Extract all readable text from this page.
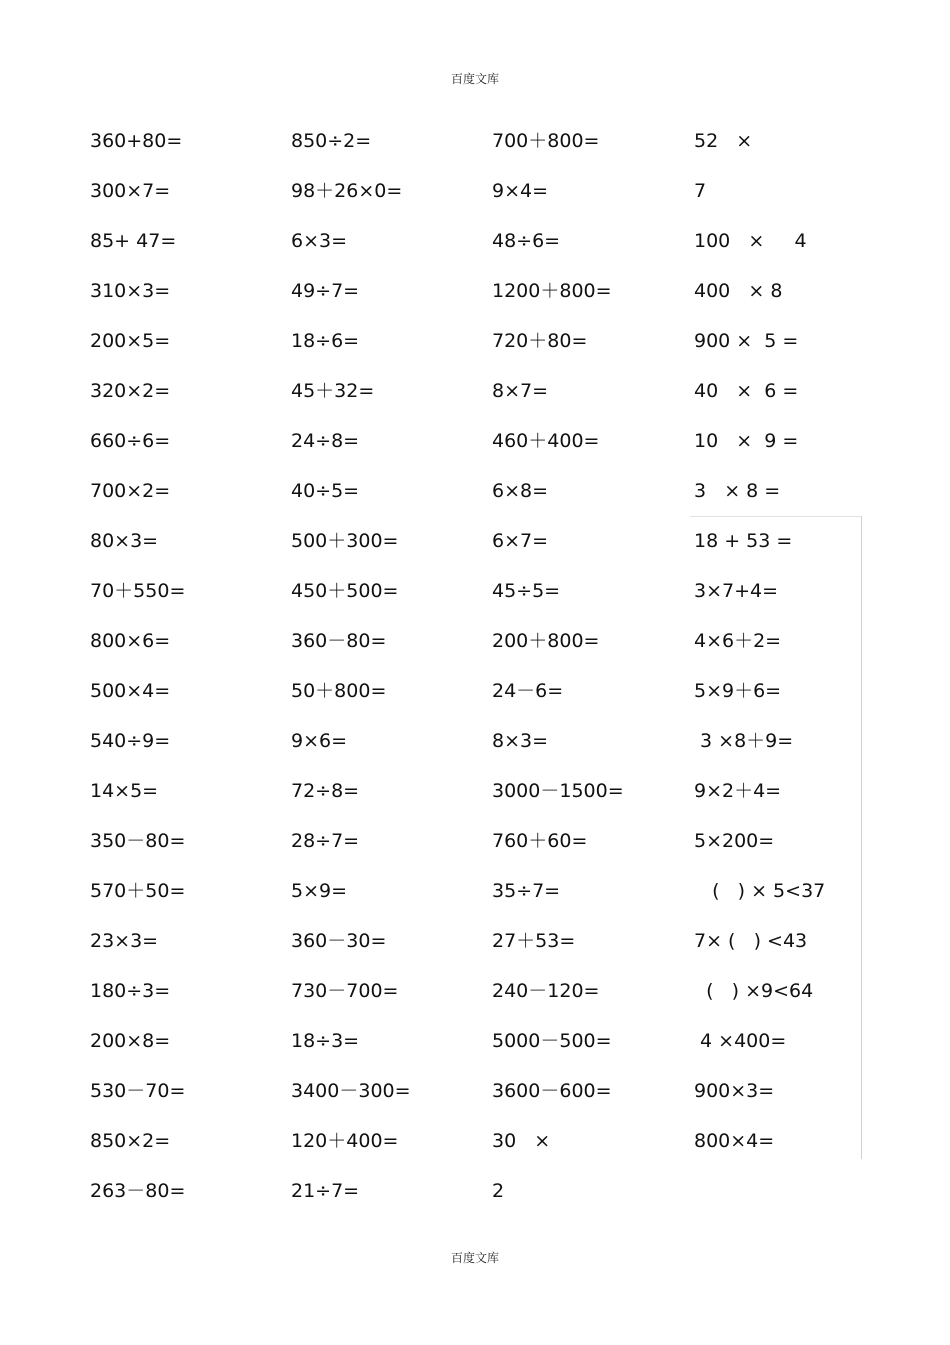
百度文库
360+80=	850÷2=	700＋800=	52   ×
300×7=	98＋26×0=	9×4=	7
85+ 47=	6×3=	48÷6=	100   ×     4
310×3=	49÷7=	1200＋800=	400   × 8
200×5=	18÷6=	720＋80=	900 ×  5 =
320×2=	45＋32=	8×7=	40   ×  6 =
660÷6=	24÷8=	460＋400=	10   ×  9 =
700×2=	40÷5=	6×8=	3   × 8 =
80×3=	500＋300=	6×7=	18 + 53 =
70＋550=	450＋500=	45÷5=	3×7+4=
800×6=	360－80=	200＋800=	4×6＋2=
500×4=	50＋800=	24－6=	5×9＋6=
540÷9=	9×6=	8×3=	3 ×8＋9=
14×5=	72÷8=	3000－1500=	9×2＋4=
350－80=	28÷7=	760＋60=	5×200=
570＋50=	5×9=	35÷7=	(   ) × 5<37
23×3=	360－30=	27＋53=	7× (   ) <43
180÷3=	730－700=	240－120=	(   ) ×9<64
200×8=	18÷3=	5000－500=	4 ×400=
530－70=	3400－300=	3600－600=	900×3=
850×2=	120＋400=	30   ×	800×4=
263－80=	21÷7=	2
百度文库
